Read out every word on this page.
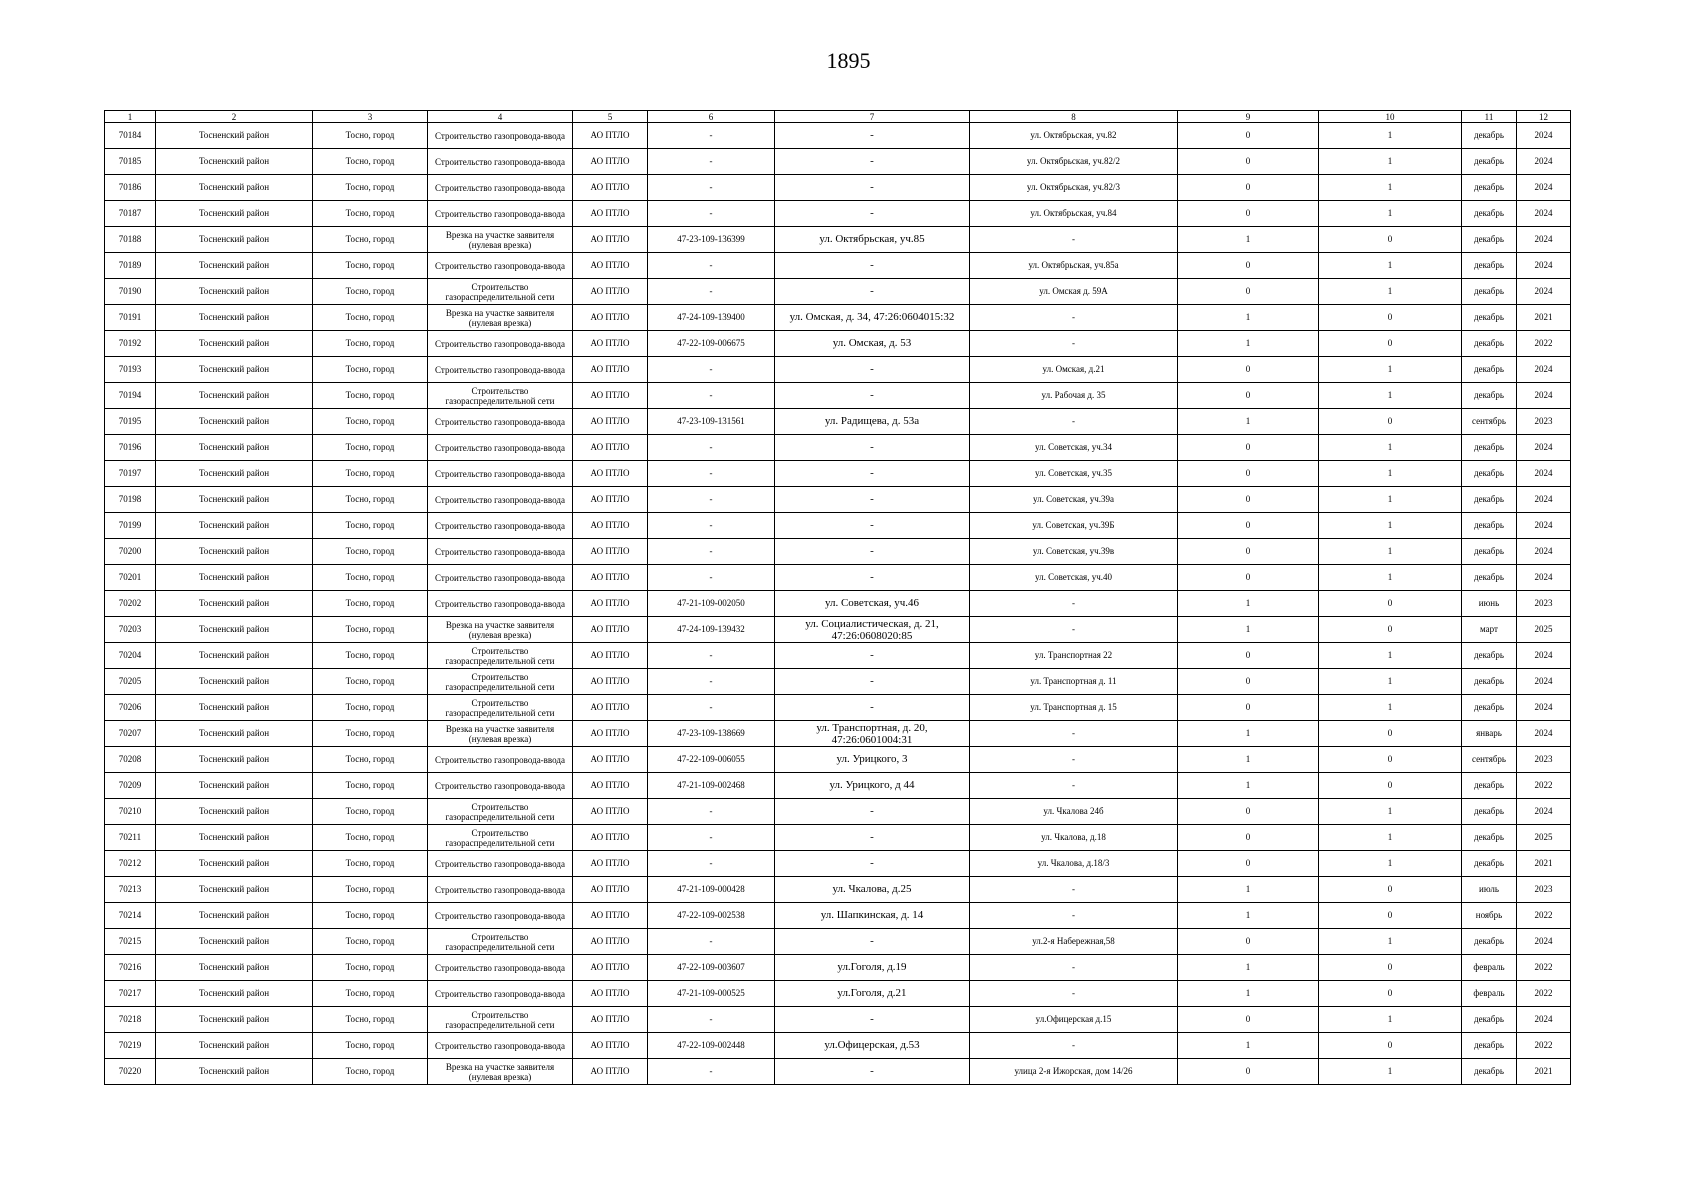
1895
1	2	3	4	5	6	7	8	9	10	11	12
70184	Тосненский район	Тосно, город	Строительство газопровода-ввода	АО ПТЛО	-	-	ул. Октябрьская, уч.82	0	1	декабрь	2024
70185	Тосненский район	Тосно, город	Строительство газопровода-ввода	АО ПТЛО	-	-	ул. Октябрьская, уч.82/2	0	1	декабрь	2024
70186	Тосненский район	Тосно, город	Строительство газопровода-ввода	АО ПТЛО	-	-	ул. Октябрьская, уч.82/3	0	1	декабрь	2024
70187	Тосненский район	Тосно, город	Строительство газопровода-ввода	АО ПТЛО	-	-	ул. Октябрьская, уч.84	0	1	декабрь	2024
70188	Тосненский район	Тосно, город	Врезка на участке заявителя (нулевая врезка)	АО ПТЛО	47-23-109-136399	ул. Октябрьская, уч.85	-	1	0	декабрь	2024
70189	Тосненский район	Тосно, город	Строительство газопровода-ввода	АО ПТЛО	-	-	ул. Октябрьская, уч.85а	0	1	декабрь	2024
70190	Тосненский район	Тосно, город	Строительство газораспределительной сети	АО ПТЛО	-	-	ул. Омская д. 59А	0	1	декабрь	2024
70191	Тосненский район	Тосно, город	Врезка на участке заявителя (нулевая врезка)	АО ПТЛО	47-24-109-139400	ул. Омская, д. 34, 47:26:0604015:32	-	1	0	декабрь	2021
70192	Тосненский район	Тосно, город	Строительство газопровода-ввода	АО ПТЛО	47-22-109-006675	ул. Омская, д. 53	-	1	0	декабрь	2022
70193	Тосненский район	Тосно, город	Строительство газопровода-ввода	АО ПТЛО	-	-	ул. Омская, д.21	0	1	декабрь	2024
70194	Тосненский район	Тосно, город	Строительство газораспределительной сети	АО ПТЛО	-	-	ул. Рабочая д. 35	0	1	декабрь	2024
70195	Тосненский район	Тосно, город	Строительство газопровода-ввода	АО ПТЛО	47-23-109-131561	ул. Радищева, д. 53а	-	1	0	сентябрь	2023
70196	Тосненский район	Тосно, город	Строительство газопровода-ввода	АО ПТЛО	-	-	ул. Советская, уч.34	0	1	декабрь	2024
70197	Тосненский район	Тосно, город	Строительство газопровода-ввода	АО ПТЛО	-	-	ул. Советская, уч.35	0	1	декабрь	2024
70198	Тосненский район	Тосно, город	Строительство газопровода-ввода	АО ПТЛО	-	-	ул. Советская, уч.39а	0	1	декабрь	2024
70199	Тосненский район	Тосно, город	Строительство газопровода-ввода	АО ПТЛО	-	-	ул. Советская, уч.39Б	0	1	декабрь	2024
70200	Тосненский район	Тосно, город	Строительство газопровода-ввода	АО ПТЛО	-	-	ул. Советская, уч.39в	0	1	декабрь	2024
70201	Тосненский район	Тосно, город	Строительство газопровода-ввода	АО ПТЛО	-	-	ул. Советская, уч.40	0	1	декабрь	2024
70202	Тосненский район	Тосно, город	Строительство газопровода-ввода	АО ПТЛО	47-21-109-002050	ул. Советская, уч.46	-	1	0	июнь	2023
70203	Тосненский район	Тосно, город	Врезка на участке заявителя (нулевая врезка)	АО ПТЛО	47-24-109-139432	ул. Социалистическая, д. 21, 47:26:0608020:85	-	1	0	март	2025
70204	Тосненский район	Тосно, город	Строительство газораспределительной сети	АО ПТЛО	-	-	ул. Транспортная 22	0	1	декабрь	2024
70205	Тосненский район	Тосно, город	Строительство газораспределительной сети	АО ПТЛО	-	-	ул. Транспортная д. 11	0	1	декабрь	2024
70206	Тосненский район	Тосно, город	Строительство газораспределительной сети	АО ПТЛО	-	-	ул. Транспортная д. 15	0	1	декабрь	2024
70207	Тосненский район	Тосно, город	Врезка на участке заявителя (нулевая врезка)	АО ПТЛО	47-23-109-138669	ул. Транспортная, д. 20, 47:26:0601004:31	-	1	0	январь	2024
70208	Тосненский район	Тосно, город	Строительство газопровода-ввода	АО ПТЛО	47-22-109-006055	ул. Урицкого, 3	-	1	0	сентябрь	2023
70209	Тосненский район	Тосно, город	Строительство газопровода-ввода	АО ПТЛО	47-21-109-002468	ул. Урицкого, д 44	-	1	0	декабрь	2022
70210	Тосненский район	Тосно, город	Строительство газораспределительной сети	АО ПТЛО	-	-	ул. Чкалова 24б	0	1	декабрь	2024
70211	Тосненский район	Тосно, город	Строительство газораспределительной сети	АО ПТЛО	-	-	ул. Чкалова, д.18	0	1	декабрь	2025
70212	Тосненский район	Тосно, город	Строительство газопровода-ввода	АО ПТЛО	-	-	ул. Чкалова, д.18/3	0	1	декабрь	2021
70213	Тосненский район	Тосно, город	Строительство газопровода-ввода	АО ПТЛО	47-21-109-000428	ул. Чкалова, д.25	-	1	0	июль	2023
70214	Тосненский район	Тосно, город	Строительство газопровода-ввода	АО ПТЛО	47-22-109-002538	ул. Шапкинская, д. 14	-	1	0	ноябрь	2022
70215	Тосненский район	Тосно, город	Строительство газораспределительной сети	АО ПТЛО	-	-	ул.2-я Набережная,58	0	1	декабрь	2024
70216	Тосненский район	Тосно, город	Строительство газопровода-ввода	АО ПТЛО	47-22-109-003607	ул.Гоголя, д.19	-	1	0	февраль	2022
70217	Тосненский район	Тосно, город	Строительство газопровода-ввода	АО ПТЛО	47-21-109-000525	ул.Гоголя, д.21	-	1	0	февраль	2022
70218	Тосненский район	Тосно, город	Строительство газораспределительной сети	АО ПТЛО	-	-	ул.Офицерская д.15	0	1	декабрь	2024
70219	Тосненский район	Тосно, город	Строительство газопровода-ввода	АО ПТЛО	47-22-109-002448	ул.Офицерская, д.53	-	1	0	декабрь	2022
70220	Тосненский район	Тосно, город	Врезка на участке заявителя (нулевая врезка)	АО ПТЛО	-	-	улица 2-я Ижорская, дом 14/26	0	1	декабрь	2021
